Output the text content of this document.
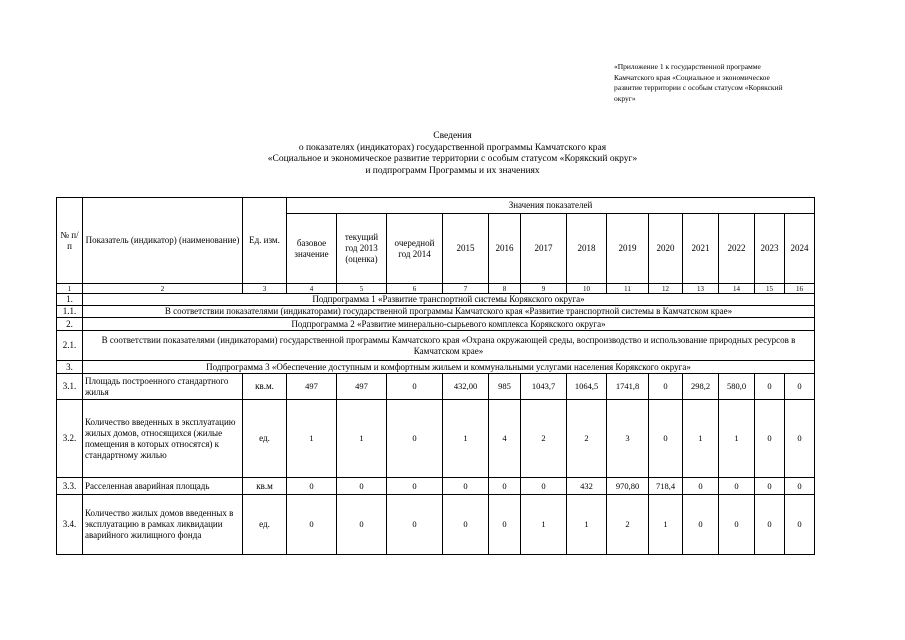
«Приложение 1 к государственной программе
Камчатского края «Социальное и экономическое
развитие территории с особым статусом «Корякский
округ»
Сведения
о показателях (индикаторах) государственной программы Камчатского края
«Социальное и экономическое развитие территории с особым статусом «Корякский округ»
и подпрограмм Программы и их значениях
№ п/п	Показатель (индикатор) (наименование)	Ед. изм.	Значения показателей												
			базовое значение	текущий год 2013 (оценка)	очередной год 2014	2015	2016	2017	2018	2019	2020	2021	2022	2023	2024
1	2	3	4	5	6	7	8	9	10	11	12	13	14	15	16
1.	Подпрограмма 1 «Развитие транспортной системы Корякского округа»														
1.1.	В соответствии показателями (индикаторами) государственной программы Камчатского края «Развитие транспортной системы в Камчатском крае»														
2.	Подпрограмма 2 «Развитие минерально-сырьевого комплекса Корякского округа»														
2.1.	В соответствии показателями (индикаторами) государственной программы Камчатского края «Охрана окружающей среды, воспроизводство и использование природных ресурсов в Камчатском крае»														
3.	Подпрограмма 3 «Обеспечение доступным и комфортным жильем и коммунальными услугами населения Корякского округа»														
3.1.	Площадь построенного стандартного жилья	кв.м.	497	497	0	432,00	985	1043,7	1064,5	1741,8	0	298,2	580,0	0	0
3.2.	Количество введенных в эксплуатацию жилых домов, относящихся (жилые помещения в которых относятся) к стандартному жилью	ед.	1	1	0	1	4	2	2	3	0	1	1	0	0
3.3.	Расселенная аварийная площадь	кв.м	0	0	0	0	0	0	432	970,80	718,4	0	0	0	0
3.4.	Количество жилых домов введенных в эксплуатацию в рамках ликвидации аварийного жилищного фонда	ед.	0	0	0	0	0	1	1	2	1	0	0	0	0
